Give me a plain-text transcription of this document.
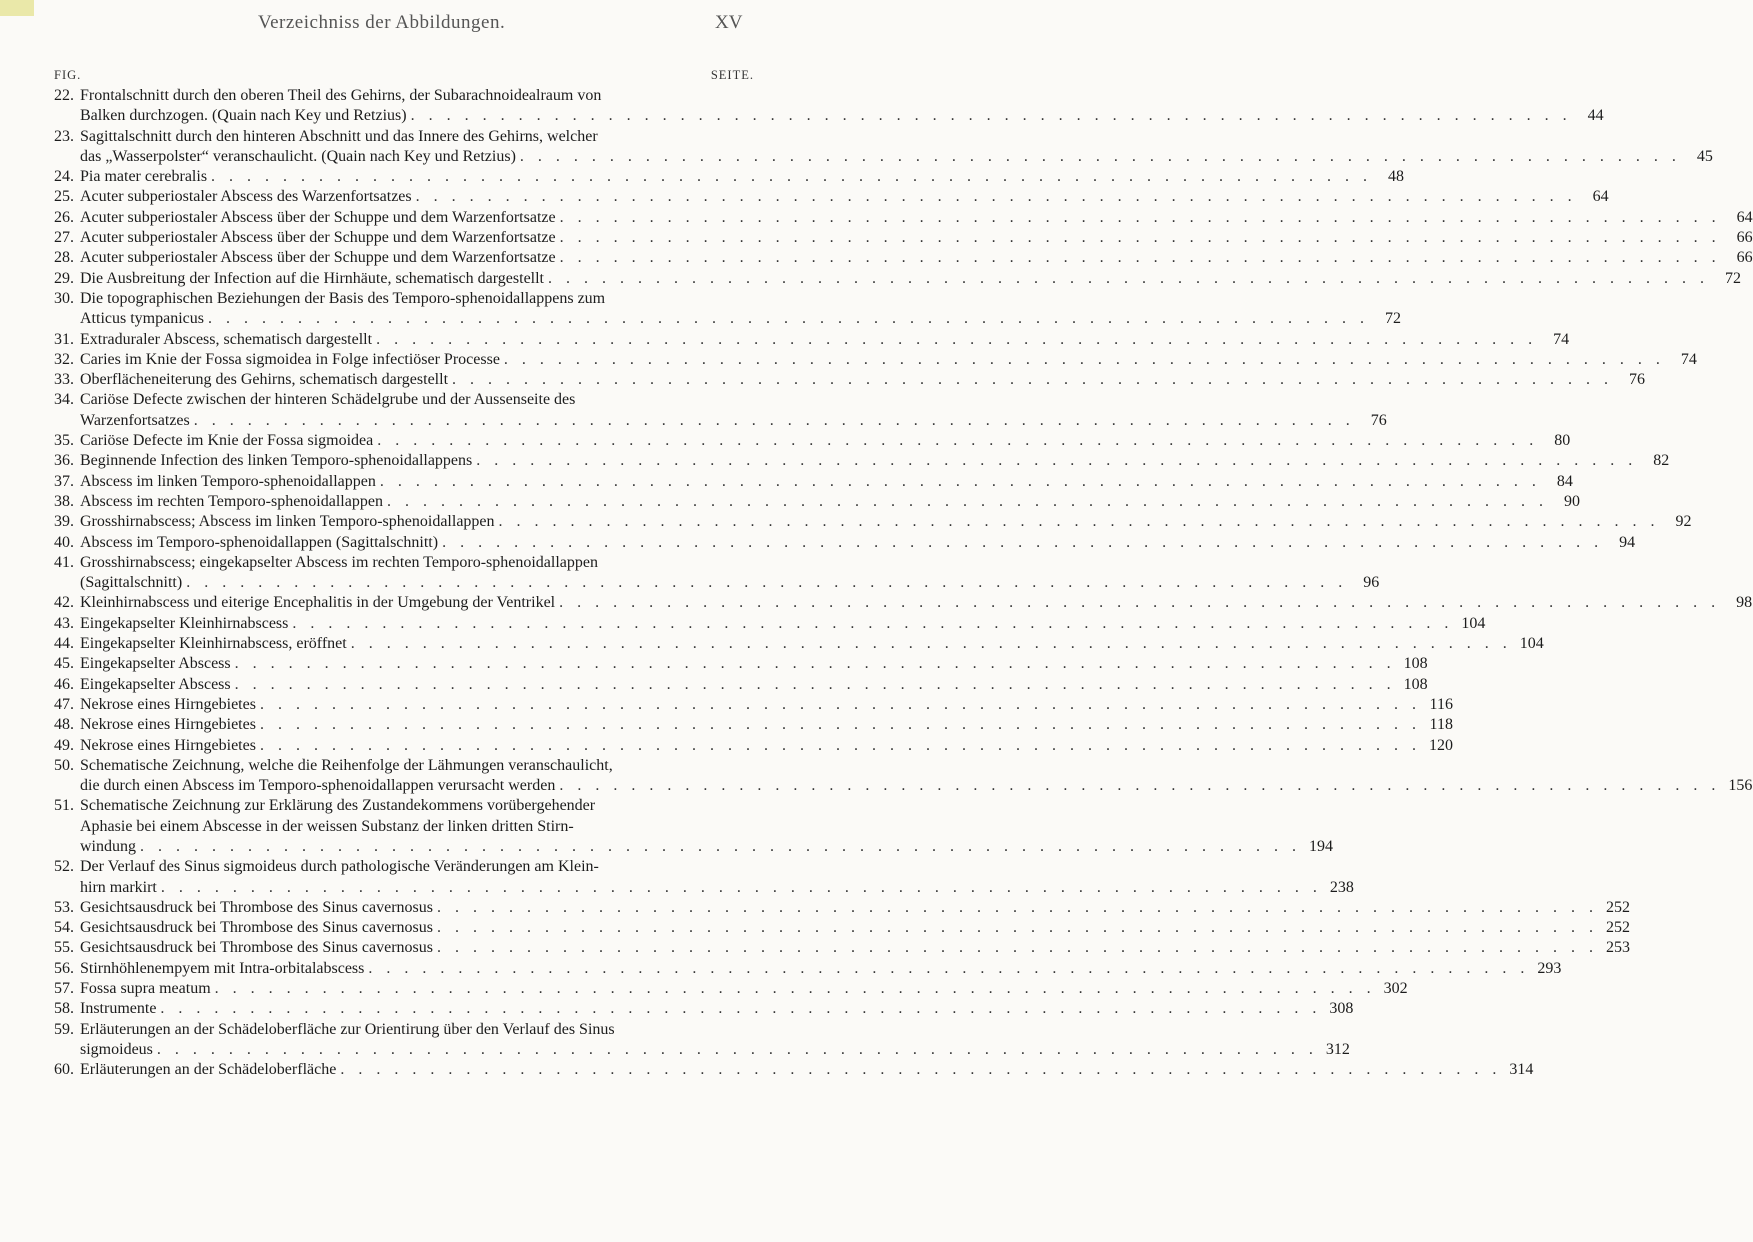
Verzeichniss der Abbildungen.	XV
FIG.	SEITE.
22. Frontalschnitt durch den oberen Theil des Gehirns, der Subarachnoidealraum von
Balken durchzogen. (Quain nach Key und Retzius) . . .	44
23. Sagittalschnitt durch den hinteren Abschnitt und das Innere des Gehirns, welcher
das „Wasserpolster“ veranschaulicht. (Quain nach Key und Retzius) . . .	45
24. Pia mater cerebralis . . .	48
25. Acuter subperiostaler Abscess des Warzenfortsatzes . . .	64
26. Acuter subperiostaler Abscess über der Schuppe und dem Warzenfortsatze . . .	64
27. Acuter subperiostaler Abscess über der Schuppe und dem Warzenfortsatze . . .	66
28. Acuter subperiostaler Abscess über der Schuppe und dem Warzenfortsatze . . .	66
29. Die Ausbreitung der Infection auf die Hirnhäute, schematisch dargestellt . . .	72
30. Die topographischen Beziehungen der Basis des Temporo-sphenoidallappens zum
Atticus tympanicus . . .	72
31. Extraduraler Abscess, schematisch dargestellt . . .	74
32. Caries im Knie der Fossa sigmoidea in Folge infectiöser Processe . . .	74
33. Oberflächeneiterung des Gehirns, schematisch dargestellt . . .	76
34. Cariöse Defecte zwischen der hinteren Schädelgrube und der Aussenseite des
Warzenfortsatzes . . .	76
35. Cariöse Defecte im Knie der Fossa sigmoidea . . .	80
36. Beginnende Infection des linken Temporo-sphenoidallappens . . .	82
37. Abscess im linken Temporo-sphenoidallappen . . .	84
38. Abscess im rechten Temporo-sphenoidallappen . . .	90
39. Grosshirnabscess; Abscess im linken Temporo-sphenoidallappen . . .	92
40. Abscess im Temporo-sphenoidallappen (Sagittalschnitt) . . .	94
41. Grosshirnabscess; eingekapselter Abscess im rechten Temporo-sphenoidallappen
(Sagittalschnitt) . . .	96
42. Kleinhirnabscess und eiterige Encephalitis in der Umgebung der Ventrikel . . .	98
43. Eingekapselter Kleinhirnabscess . . .	104
44. Eingekapselter Kleinhirnabscess, eröffnet . . .	104
45. Eingekapselter Abscess . . .	108
46. Eingekapselter Abscess . . .	108
47. Nekrose eines Hirngebietes . . .	116
48. Nekrose eines Hirngebietes . . .	118
49. Nekrose eines Hirngebietes . . .	120
50. Schematische Zeichnung, welche die Reihenfolge der Lähmungen veranschaulicht,
die durch einen Abscess im Temporo-sphenoidallappen verursacht werden . . .	156
51. Schematische Zeichnung zur Erklärung des Zustandekommens vorübergehender
Aphasie bei einem Abscesse in der weissen Substanz der linken dritten Stirn-
windung . . .	194
52. Der Verlauf des Sinus sigmoideus durch pathologische Veränderungen am Klein-
hirn markirt . . .	238
53. Gesichtsausdruck bei Thrombose des Sinus cavernosus . . .	252
54. Gesichtsausdruck bei Thrombose des Sinus cavernosus . . .	252
55. Gesichtsausdruck bei Thrombose des Sinus cavernosus . . .	253
56. Stirnhöhlenempyem mit Intra-orbitalabscess . . .	293
57. Fossa supra meatum . . .	302
58. Instrumente . . .	308
59. Erläuterungen an der Schädeloberfläche zur Orientirung über den Verlauf des Sinus
sigmoideus . . .	312
60. Erläuterungen an der Schädeloberfläche . . .	314
